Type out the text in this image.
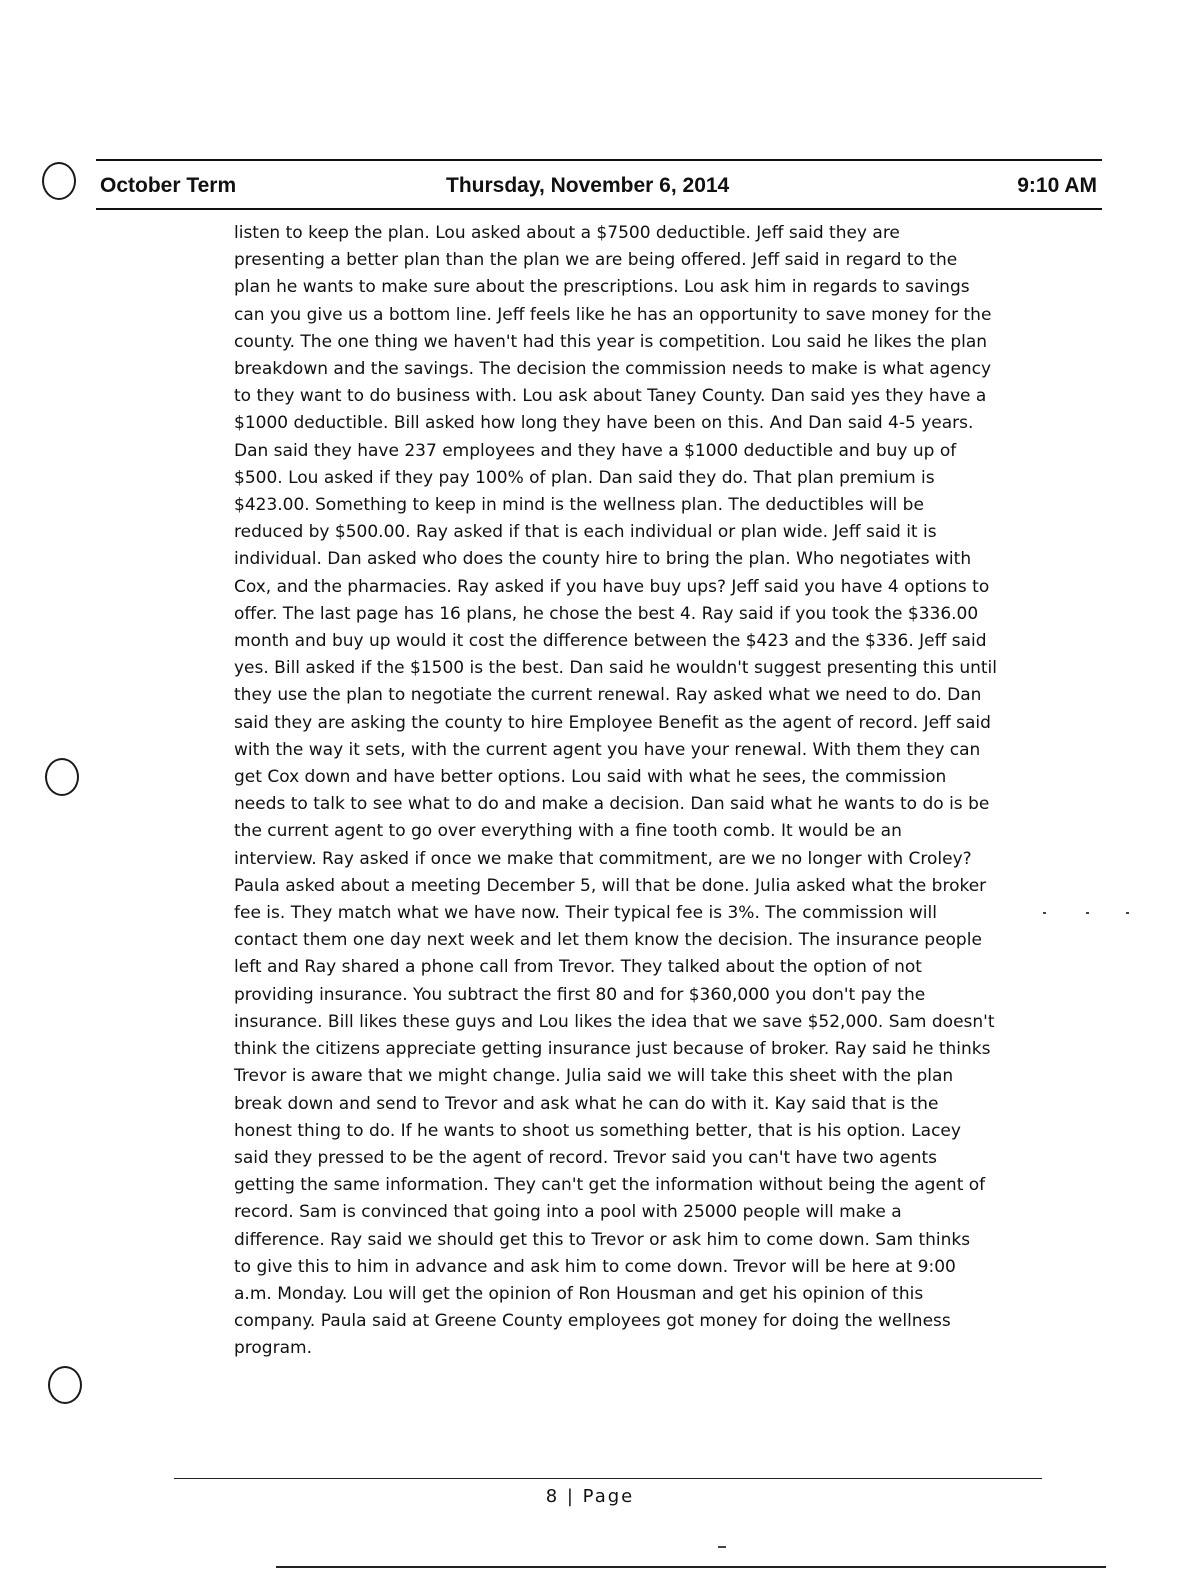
October Term	Thursday, November 6, 2014	9:10 AM
listen to keep the plan. Lou asked about a $7500 deductible. Jeff said they are
presenting a better plan than the plan we are being offered. Jeff said in regard to the
plan he wants to make sure about the prescriptions. Lou ask him in regards to savings
can you give us a bottom line. Jeff feels like he has an opportunity to save money for the
county. The one thing we haven't had this year is competition. Lou said he likes the plan
breakdown and the savings. The decision the commission needs to make is what agency
to they want to do business with. Lou ask about Taney County. Dan said yes they have a
$1000 deductible. Bill asked how long they have been on this. And Dan said 4-5 years.
Dan said they have 237 employees and they have a $1000 deductible and buy up of
$500. Lou asked if they pay 100% of plan. Dan said they do. That plan premium is
$423.00. Something to keep in mind is the wellness plan. The deductibles will be
reduced by $500.00. Ray asked if that is each individual or plan wide. Jeff said it is
individual. Dan asked who does the county hire to bring the plan. Who negotiates with
Cox, and the pharmacies. Ray asked if you have buy ups? Jeff said you have 4 options to
offer. The last page has 16 plans, he chose the best 4. Ray said if you took the $336.00
month and buy up would it cost the difference between the $423 and the $336. Jeff said
yes. Bill asked if the $1500 is the best. Dan said he wouldn't suggest presenting this until
they use the plan to negotiate the current renewal. Ray asked what we need to do. Dan
said they are asking the county to hire Employee Benefit as the agent of record. Jeff said
with the way it sets, with the current agent you have your renewal. With them they can
get Cox down and have better options. Lou said with what he sees, the commission
needs to talk to see what to do and make a decision. Dan said what he wants to do is be
the current agent to go over everything with a fine tooth comb. It would be an
interview. Ray asked if once we make that commitment, are we no longer with Croley?
Paula asked about a meeting December 5, will that be done. Julia asked what the broker
fee is. They match what we have now. Their typical fee is 3%. The commission will
contact them one day next week and let them know the decision. The insurance people
left and Ray shared a phone call from Trevor. They talked about the option of not
providing insurance. You subtract the first 80 and for $360,000 you don't pay the
insurance. Bill likes these guys and Lou likes the idea that we save $52,000. Sam doesn't
think the citizens appreciate getting insurance just because of broker. Ray said he thinks
Trevor is aware that we might change. Julia said we will take this sheet with the plan
break down and send to Trevor and ask what he can do with it. Kay said that is the
honest thing to do. If he wants to shoot us something better, that is his option. Lacey
said they pressed to be the agent of record. Trevor said you can't have two agents
getting the same information. They can't get the information without being the agent of
record. Sam is convinced that going into a pool with 25000 people will make a
difference. Ray said we should get this to Trevor or ask him to come down. Sam thinks
to give this to him in advance and ask him to come down. Trevor will be here at 9:00
a.m. Monday. Lou will get the opinion of Ron Housman and get his opinion of this
company. Paula said at Greene County employees got money for doing the wellness
program.
8 | Page
